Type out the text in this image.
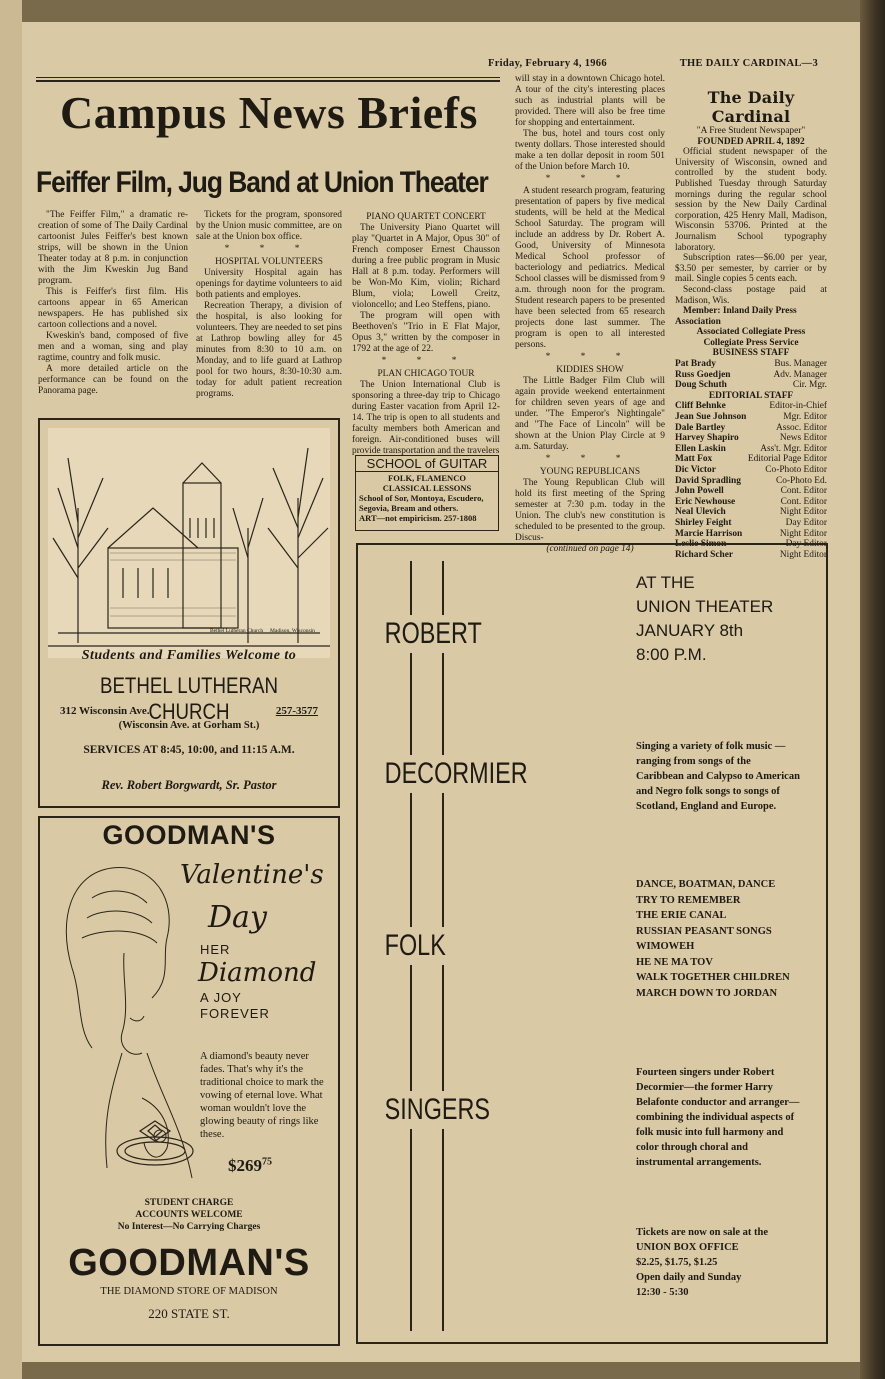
Friday, February 4, 1966	THE DAILY CARDINAL—3
Campus News Briefs
Feiffer Film, Jug Band at Union Theater

"The Feiffer Film," a dramatic re-creation of some of The Daily Cardinal cartoonist Jules Feiffer's best known strips, will be shown in the Union Theater today at 8 p.m. in conjunction with the Jim Kweskin Jug Band program.

This is Feiffer's first film. His cartoons appear in 65 American newspapers. He has published six cartoon collections and a novel.

Kweskin's band, composed of five men and a woman, sing and play ragtime, country and folk music.

A more detailed article on the performance can be found on the Panorama page.

Tickets for the program, sponsored by the Union music committee, are on sale at the Union box office.

* * *
HOSPITAL VOLUNTEERS

University Hospital again has openings for daytime volunteers to aid both patients and employes.

Recreation Therapy, a division of the hospital, is also looking for volunteers. They are needed to set pins at Lathrop bowling alley for 45 minutes from 8:30 to 10 a.m. on Monday, and to life guard at Lathrop pool for two hours, 8:30-10:30 a.m. today for adult patient recreation programs.

PIANO QUARTET CONCERT

The University Piano Quartet will play "Quartet in A Major, Opus 30" of French composer Ernest Chausson during a free public program in Music Hall at 8 p.m. today. Performers will be Won-Mo Kim, violin; Richard Blum, viola; Lowell Creitz, violoncello; and Leo Steffens, piano.

The program will open with Beethoven's "Trio in E Flat Major, Opus 3," written by the composer in 1792 at the age of 22.

* * *
PLAN CHICAGO TOUR

The Union International Club is sponsoring a three-day trip to Chicago during Easter vacation from April 12-14. The trip is open to all students and faculty members both American and foreign. Air-conditioned buses will provide transportation and the travelers

SCHOOL of GUITAR
FOLK, FLAMENCO
CLASSICAL LESSONS
School of Sor, Montoya, Escudero, Segovia, Bream and others.
ART—not empiricism. 257-1808

will stay in a downtown Chicago hotel. A tour of the city's interesting places such as industrial plants will be provided. There will also be free time for shopping and entertainment.

The bus, hotel and tours cost only twenty dollars. Those interested should make a ten dollar deposit in room 501 of the Union before March 10.

* * *

A student research program, featuring presentation of papers by five medical students, will be held at the Medical School Saturday. The program will include an address by Dr. Robert A. Good, University of Minnesota Medical School professor of bacteriology and pediatrics. Medical School classes will be dismissed from 9 a.m. through noon for the program. Student research papers to be presented have been selected from 65 research projects done last summer. The program is open to all interested persons.

* * *
KIDDIES SHOW

The Little Badger Film Club will again provide weekend entertainment for children seven years of age and under. "The Emperor's Nightingale" and "The Face of Lincoln" will be shown at the Union Play Circle at 9 a.m. Saturday.

* * *
YOUNG REPUBLICANS

The Young Republican Club will hold its first meeting of the Spring semester at 7:30 p.m. today in the Union. The club's new constitution is scheduled to be presented to the group. Discus-

(continued on page 14)
The Daily Cardinal
"A Free Student Newspaper"
FOUNDED APRIL 4, 1892
Official student newspaper of the University of Wisconsin, owned and controlled by the student body. Published Tuesday through Saturday mornings during the regular school session by the New Daily Cardinal corporation, 425 Henry Mall, Madison, Wisconsin 53706. Printed at the Journalism School typography laboratory.
Subscription rates—$6.00 per year, $3.50 per semester, by carrier or by mail. Single copies 5 cents each.
Second-class postage paid at Madison, Wis.
Member: Inland Daily Press Association
Associated Collegiate Press
Collegiate Press Service
BUSINESS STAFF
Pat Brady	Bus. Manager
Russ Goedjen	Adv. Manager
Doug Schuth	Cir. Mgr.
EDITORIAL STAFF
Cliff Behnke	Editor-in-Chief
Jean Sue Johnson	Mgr. Editor
Dale Bartley	Assoc. Editor
Harvey Shapiro	News Editor
Ellen Laskin	Ass't. Mgr. Editor
Matt Fox	Editorial Page Editor
Dic Victor	Co-Photo Editor
David Spradling	Co-Photo Ed.
John Powell	Cont. Editor
Eric Newhouse	Cont. Editor
Neal Ulevich	Night Editor
Shirley Feight	Day Editor
Marcie Harrison	Night Editor
Leslie Simon	Day Editor
Richard Scher	Night Editor
Bethel Lutheran Church     Madison, Wisconsin
Students and Families Welcome to
BETHEL LUTHERAN CHURCH
312 Wisconsin Ave.	257-3577
(Wisconsin Ave. at Gorham St.)
SERVICES AT 8:45, 10:00, and 11:15 A.M.
Rev. Robert Borgwardt, Sr. Pastor
GOODMAN'S
Valentine's
Day
HER
Diamond
A JOY
FOREVER
A diamond's beauty never fades. That's why it's the traditional choice to mark the vowing of eternal love. What woman wouldn't love the glowing beauty of rings like these.
$\$269^{75}$
STUDENT CHARGE
ACCOUNTS WELCOME
No Interest—No Carrying Charges
GOODMAN'S
THE DIAMOND STORE OF MADISON
220 STATE ST.
ROBERT
DECORMIER
FOLK
SINGERS
AT THE
UNION THEATER
JANUARY 8th
8:00 P.M.
Singing a variety of folk music — ranging from songs of the Caribbean and Calypso to American and Negro folk songs to songs of Scotland, England and Europe.
DANCE, BOATMAN, DANCE
TRY TO REMEMBER
THE ERIE CANAL
RUSSIAN PEASANT SONGS
WIMOWEH
HE NE MA TOV
WALK TOGETHER CHILDREN
MARCH DOWN TO JORDAN
Fourteen singers under Robert Decormier—the former Harry Belafonte conductor and arranger—combining the individual aspects of folk music into full harmony and color through choral and instrumental arrangements.
Tickets are now on sale at the
UNION BOX OFFICE
$2.25, $1.75, $1.25
Open daily and Sunday
12:30 - 5:30
